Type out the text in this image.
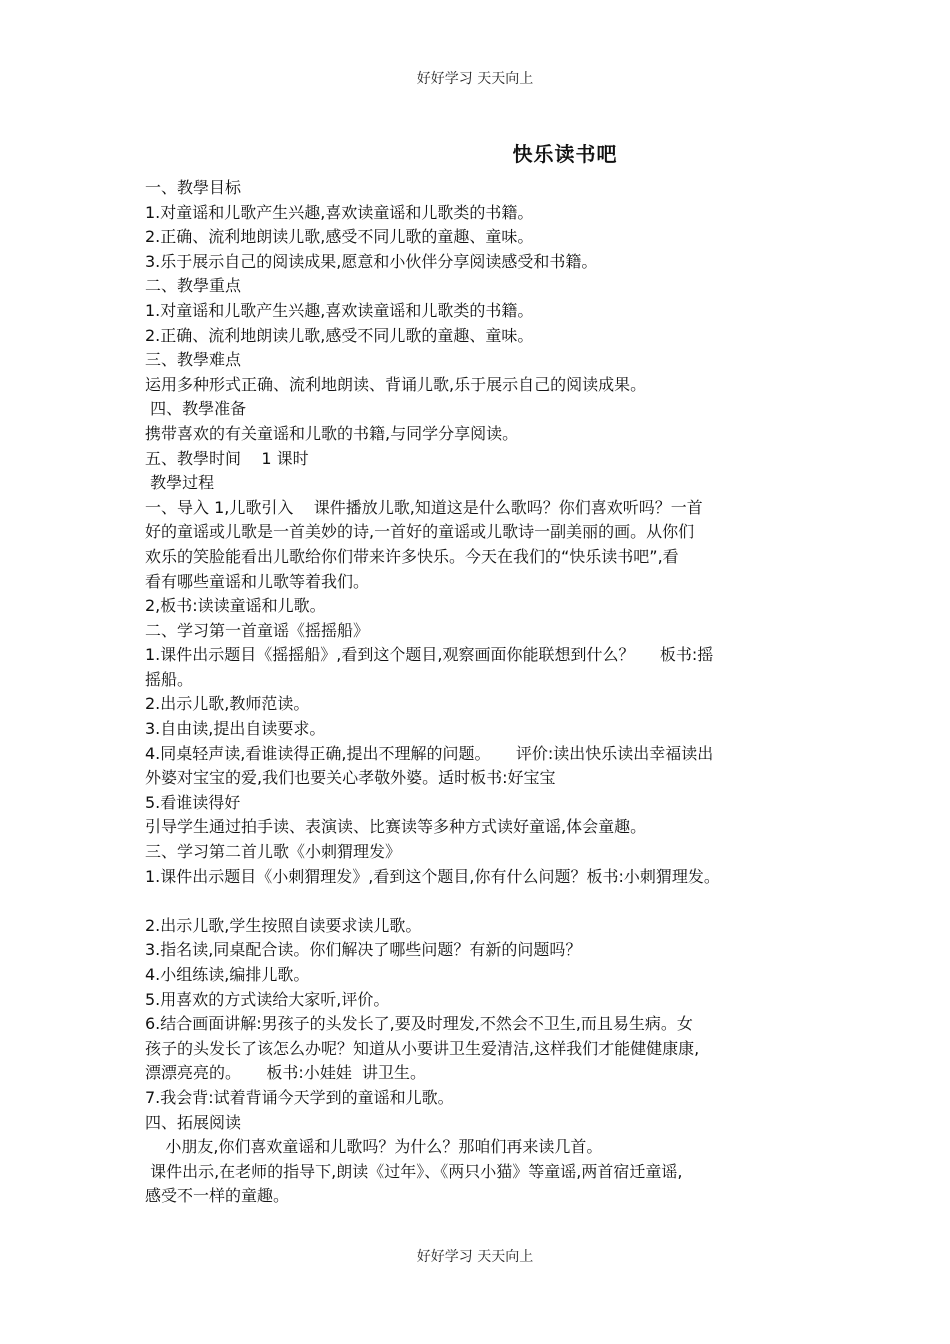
好好学习 天天向上
快乐读书吧

一、教學目标

1.对童谣和儿歌产生兴趣,喜欢读童谣和儿歌类的书籍。

2.正确、流利地朗读儿歌,感受不同儿歌的童趣、童味。

3.乐于展示自己的阅读成果,愿意和小伙伴分享阅读感受和书籍。

二、教學重点

1.对童谣和儿歌产生兴趣,喜欢读童谣和儿歌类的书籍。

2.正确、流利地朗读儿歌,感受不同儿歌的童趣、童味。

三、教學难点

运用多种形式正确、流利地朗读、背诵儿歌,乐于展示自己的阅读成果。

四、教學准备

携带喜欢的有关童谣和儿歌的书籍,与同学分享阅读。

五、教學时间    1 课时

教學过程

一、导入 1,儿歌引入    课件播放儿歌,知道这是什么歌吗？你们喜欢听吗？一首

好的童谣或儿歌是一首美妙的诗,一首好的童谣或儿歌诗一副美丽的画。从你们

欢乐的笑脸能看出儿歌给你们带来许多快乐。今天在我们的“快乐读书吧”,看

看有哪些童谣和儿歌等着我们。

2,板书:读读童谣和儿歌。

二、学习第一首童谣《摇摇船》

1.课件出示题目《摇摇船》,看到这个题目,观察画面你能联想到什么？     板书:摇

摇船。

2.出示儿歌,教师范读。

3.自由读,提出自读要求。

4.同桌轻声读,看谁读得正确,提出不理解的问题。     评价:读出快乐读出幸福读出

外婆对宝宝的爱,我们也要关心孝敬外婆。适时板书:好宝宝

5.看谁读得好

引导学生通过拍手读、表演读、比赛读等多种方式读好童谣,体会童趣。

三、学习第二首儿歌《小刺猬理发》

1.课件出示题目《小刺猬理发》,看到这个题目,你有什么问题？板书:小刺猬理发。

2.出示儿歌,学生按照自读要求读儿歌。

3.指名读,同桌配合读。你们解决了哪些问题？有新的问题吗？

4.小组练读,编排儿歌。

5.用喜欢的方式读给大家听,评价。

6.结合画面讲解:男孩子的头发长了,要及时理发,不然会不卫生,而且易生病。女

孩子的头发长了该怎么办呢？知道从小要讲卫生爱清洁,这样我们才能健健康康,

漂漂亮亮的。     板书:小娃娃  讲卫生。

7.我会背:试着背诵今天学到的童谣和儿歌。

四、拓展阅读

小朋友,你们喜欢童谣和儿歌吗？为什么？那咱们再来读几首。

课件出示,在老师的指导下,朗读《过年》、《两只小猫》等童谣,两首宿迁童谣,

感受不一样的童趣。

好好学习 天天向上
